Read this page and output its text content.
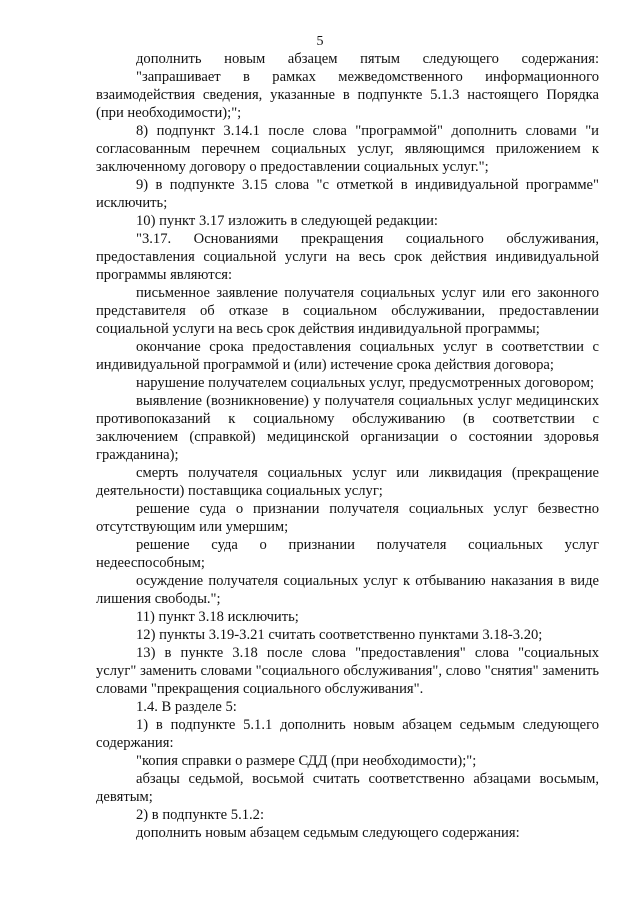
5

дополнить новым абзацем пятым следующего содержания:

"запрашивает в рамках межведомственного информационного взаимодействия сведения, указанные в подпункте 5.1.3 настоящего Порядка (при необходимости);";

8) подпункт 3.14.1 после слова "программой" дополнить словами "и согласованным перечнем социальных услуг, являющимся приложением к заключенному договору о предоставлении социальных услуг.";

9) в подпункте 3.15 слова "с отметкой в индивидуальной программе" исключить;

10) пункт 3.17 изложить в следующей редакции:

"3.17. Основаниями прекращения социального обслуживания, предоставления социальной услуги на весь срок действия индивидуальной программы являются:

письменное заявление получателя социальных услуг или его законного представителя об отказе в социальном обслуживании, предоставлении социальной услуги на весь срок действия индивидуальной программы;

окончание срока предоставления социальных услуг в соответствии с индивидуальной программой и (или) истечение срока действия договора;

нарушение получателем социальных услуг, предусмотренных договором;

выявление (возникновение) у получателя социальных услуг медицинских противопоказаний к социальному обслуживанию (в соответствии с заключением (справкой) медицинской организации о состоянии здоровья гражданина);

смерть получателя социальных услуг или ликвидация (прекращение деятельности) поставщика социальных услуг;

решение суда о признании получателя социальных услуг безвестно отсутствующим или умершим;

решение суда о признании получателя социальных услуг недееспособным;

осуждение получателя социальных услуг к отбыванию наказания в виде лишения свободы.";

11) пункт 3.18 исключить;

12) пункты 3.19-3.21 считать соответственно пунктами 3.18-3.20;

13) в пункте 3.18 после слова "предоставления" слова "социальных услуг" заменить словами "социального обслуживания", слово "снятия" заменить словами "прекращения социального обслуживания".

1.4. В разделе 5:

1) в подпункте 5.1.1 дополнить новым абзацем седьмым следующего содержания:

"копия справки о размере СДД (при необходимости);";

абзацы седьмой, восьмой считать соответственно абзацами восьмым, девятым;

2) в подпункте 5.1.2:

дополнить новым абзацем седьмым следующего содержания:
